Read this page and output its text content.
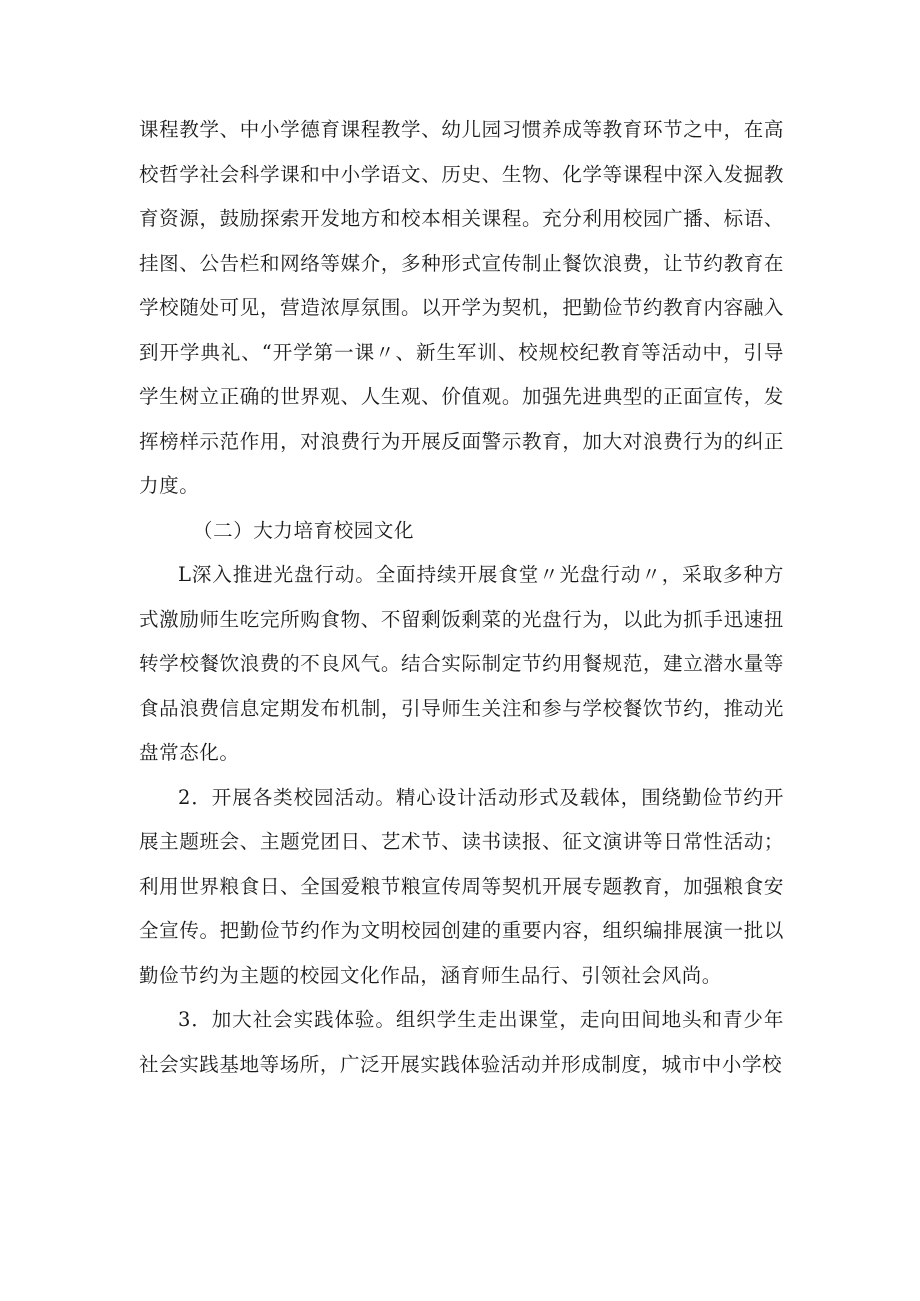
课程教学、中小学德育课程教学、幼儿园习惯养成等教育环节之中，在高校哲学社会科学课和中小学语文、历史、生物、化学等课程中深入发掘教育资源，鼓励探索开发地方和校本相关课程。充分利用校园广播、标语、挂图、公告栏和网络等媒介，多种形式宣传制止餐饮浪费，让节约教育在学校随处可见，营造浓厚氛围。以开学为契机，把勤俭节约教育内容融入到开学典礼、“开学第一课〃、新生军训、校规校纪教育等活动中，引导学生树立正确的世界观、人生观、价值观。加强先进典型的正面宣传，发挥榜样示范作用，对浪费行为开展反面警示教育，加大对浪费行为的纠正力度。

（二）大力培育校园文化

L深入推进光盘行动。全面持续开展食堂〃光盘行动〃，采取多种方式激励师生吃完所购食物、不留剩饭剩菜的光盘行为，以此为抓手迅速扭转学校餐饮浪费的不良风气。结合实际制定节约用餐规范，建立潜水量等食品浪费信息定期发布机制，引导师生关注和参与学校餐饮节约，推动光盘常态化。

2．开展各类校园活动。精心设计活动形式及载体，围绕勤俭节约开展主题班会、主题党团日、艺术节、读书读报、征文演讲等日常性活动；利用世界粮食日、全国爱粮节粮宣传周等契机开展专题教育，加强粮食安全宣传。把勤俭节约作为文明校园创建的重要内容，组织编排展演一批以勤俭节约为主题的校园文化作品，涵育师生品行、引领社会风尚。

3．加大社会实践体验。组织学生走出课堂，走向田间地头和青少年社会实践基地等场所，广泛开展实践体验活动并形成制度，城市中小学校
